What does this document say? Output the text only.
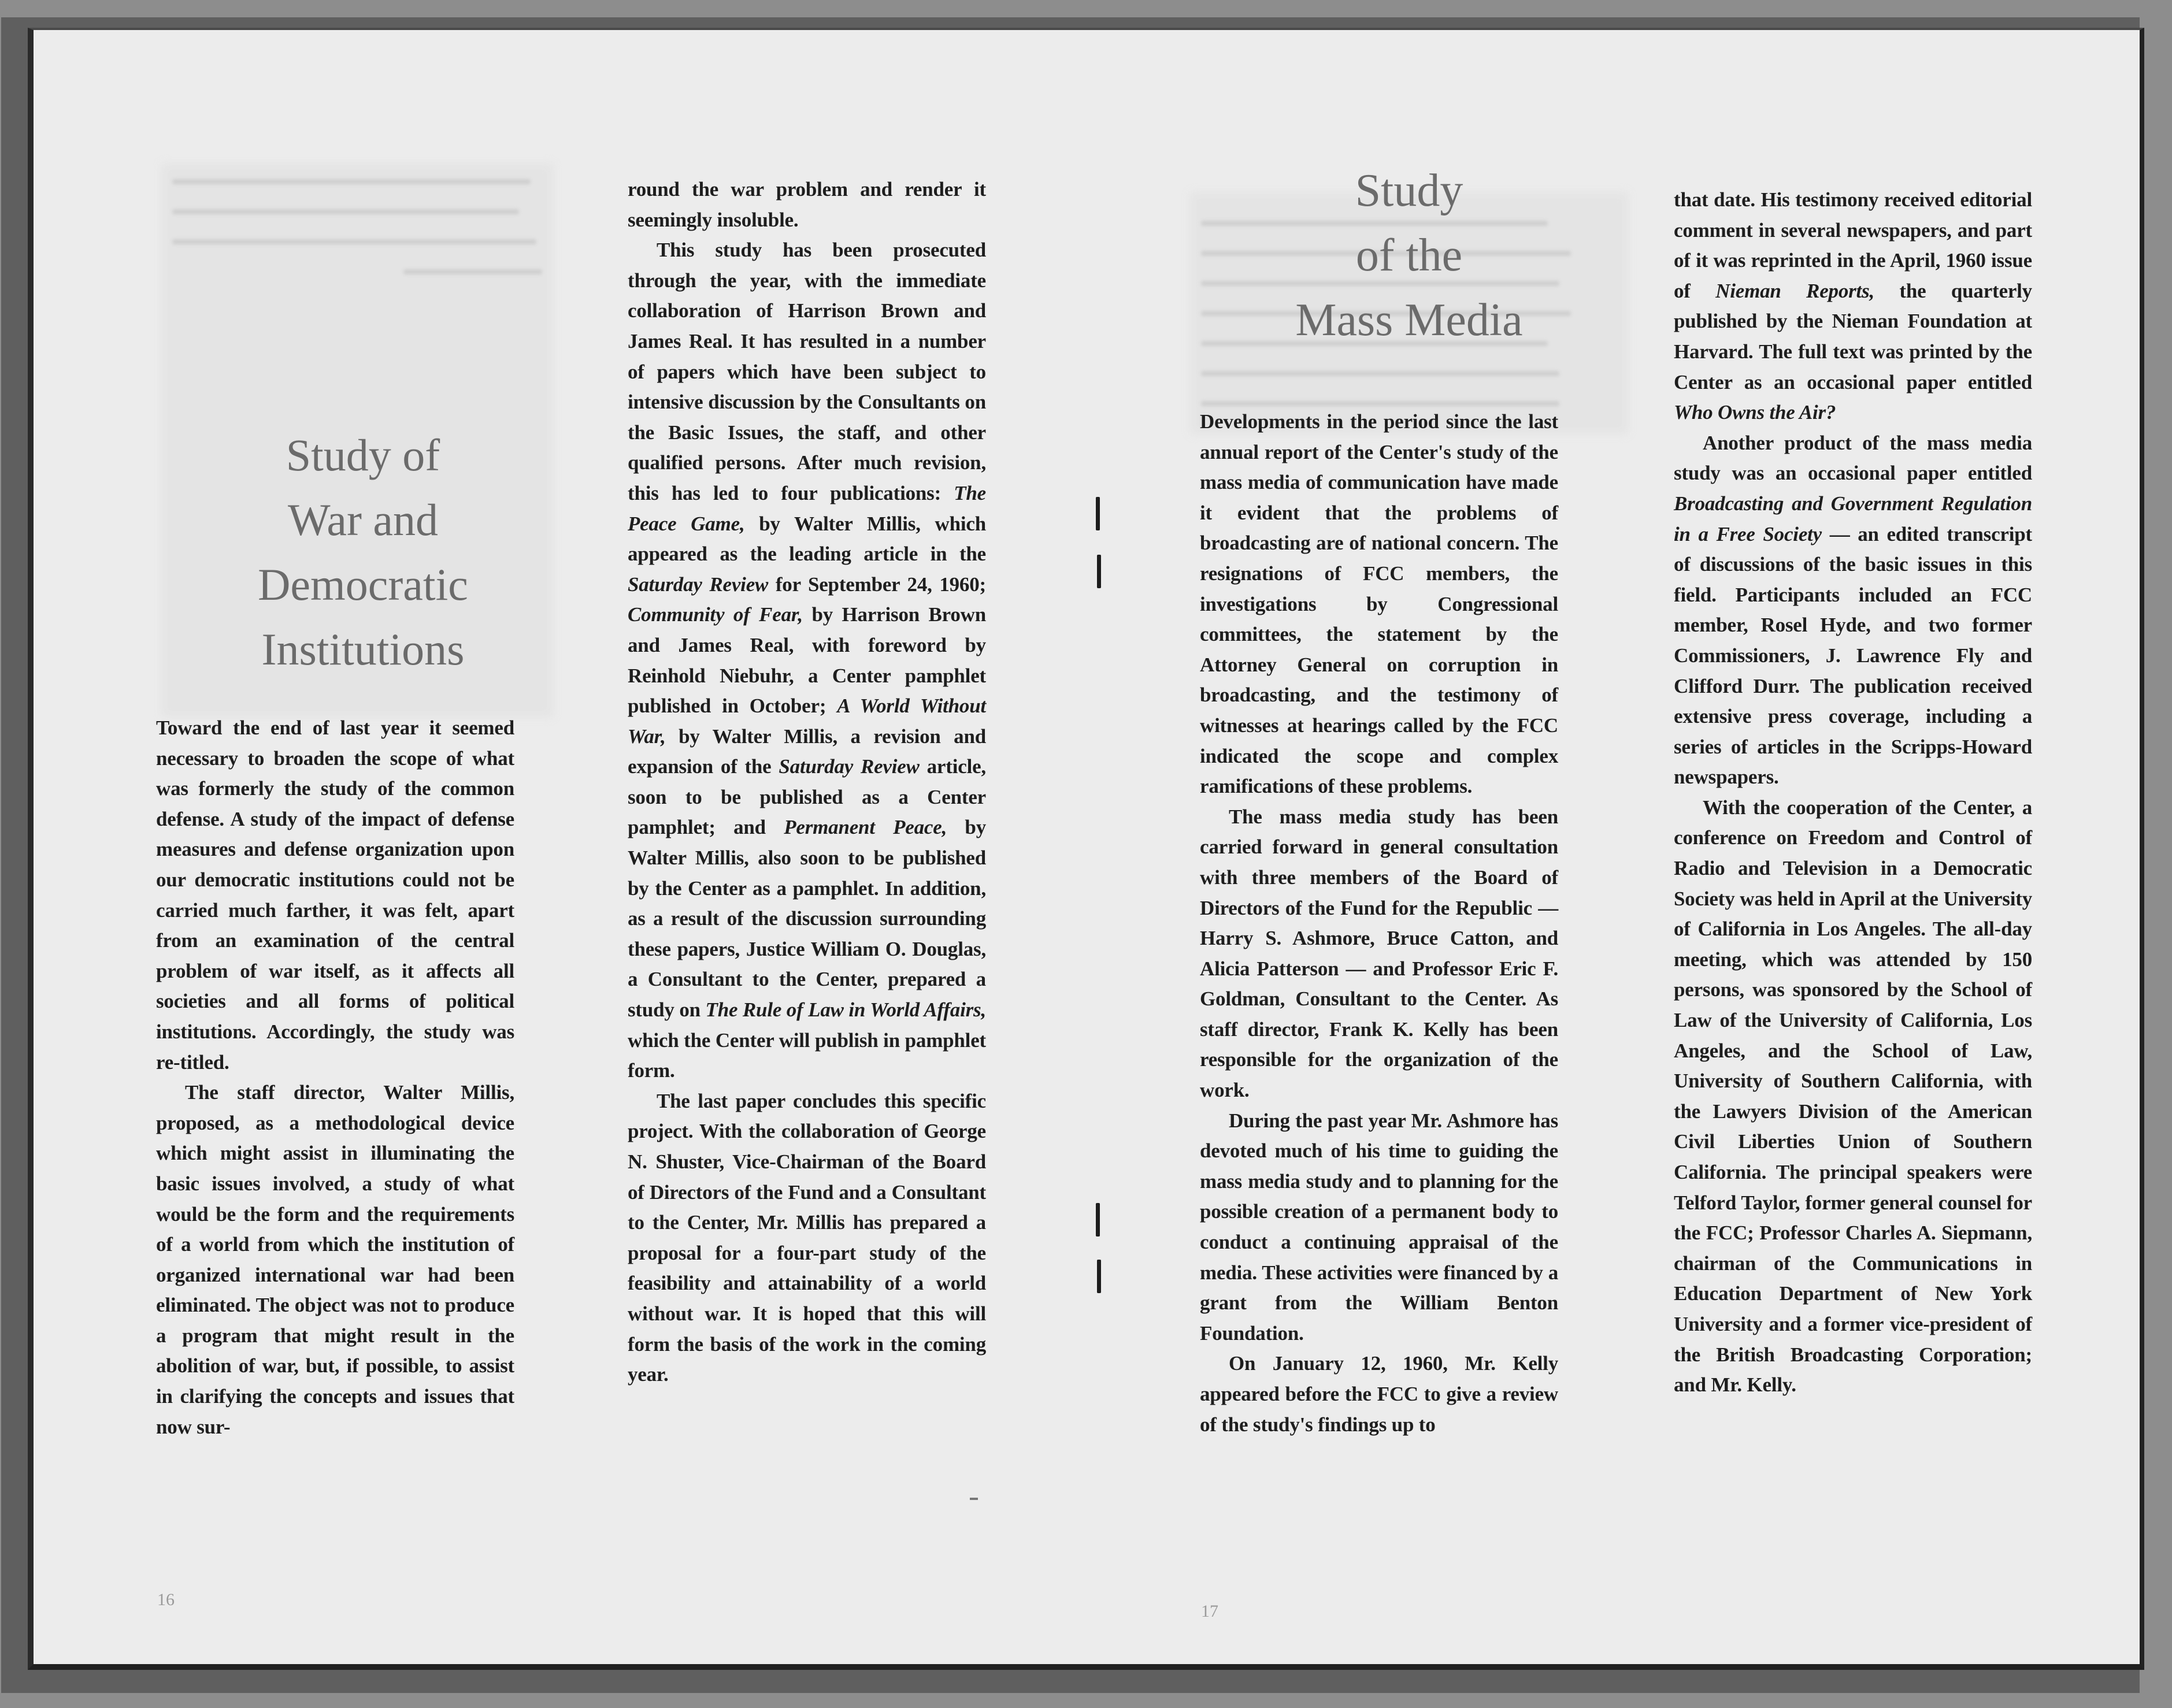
Study of
War and
Democratic
Institutions

Toward the end of last year it seemed necessary to broaden the scope of what was formerly the study of the common defense. A study of the impact of defense measures and defense organization upon our democratic institutions could not be carried much farther, it was felt, apart from an examination of the central problem of war itself, as it affects all societies and all forms of political institutions. Accordingly, the study was re-titled.

The staff director, Walter Millis, proposed, as a methodological device which might assist in illuminating the basic issues involved, a study of what would be the form and the requirements of a world from which the institution of organized international war had been eliminated. The object was not to produce a program that might result in the abolition of war, but, if possible, to assist in clarifying the concepts and issues that now sur-

round the war problem and render it seemingly insoluble.

This study has been prosecuted through the year, with the immediate collaboration of Harrison Brown and James Real. It has resulted in a number of papers which have been subject to intensive discussion by the Consultants on the Basic Issues, the staff, and other qualified persons. After much revision, this has led to four publications: The Peace Game, by Walter Millis, which appeared as the leading article in the Saturday Review for September 24, 1960; Community of Fear, by Harrison Brown and James Real, with foreword by Reinhold Niebuhr, a Center pamphlet published in October; A World Without War, by Walter Millis, a revision and expansion of the Saturday Review article, soon to be published as a Center pamphlet; and Permanent Peace, by Walter Millis, also soon to be published by the Center as a pamphlet. In addition, as a result of the discussion surrounding these papers, Justice William O. Douglas, a Consultant to the Center, prepared a study on The Rule of Law in World Affairs, which the Center will publish in pamphlet form.

The last paper concludes this specific project. With the collaboration of George N. Shuster, Vice-Chairman of the Board of Directors of the Fund and a Consultant to the Center, Mr. Millis has prepared a proposal for a four-part study of the feasibility and attainability of a world without war. It is hoped that this will form the basis of the work in the coming year.

16
Study
of the
Mass Media

Developments in the period since the last annual report of the Center's study of the mass media of communication have made it evident that the problems of broadcasting are of national concern. The resignations of FCC members, the investigations by Congressional committees, the statement by the Attorney General on corruption in broadcasting, and the testimony of witnesses at hearings called by the FCC indicated the scope and complex ramifications of these problems.

The mass media study has been carried forward in general consultation with three members of the Board of Directors of the Fund for the Republic — Harry S. Ashmore, Bruce Catton, and Alicia Patterson — and Professor Eric F. Goldman, Consultant to the Center. As staff director, Frank K. Kelly has been responsible for the organization of the work.

During the past year Mr. Ashmore has devoted much of his time to guiding the mass media study and to planning for the possible creation of a permanent body to conduct a continuing appraisal of the media. These activities were financed by a grant from the William Benton Foundation.

On January 12, 1960, Mr. Kelly appeared before the FCC to give a review of the study's findings up to

17

that date. His testimony received editorial comment in several newspapers, and part of it was reprinted in the April, 1960 issue of Nieman Reports, the quarterly published by the Nieman Foundation at Harvard. The full text was printed by the Center as an occasional paper entitled Who Owns the Air?

Another product of the mass media study was an occasional paper entitled Broadcasting and Government Regulation in a Free Society — an edited transcript of discussions of the basic issues in this field. Participants included an FCC member, Rosel Hyde, and two former Commissioners, J. Lawrence Fly and Clifford Durr. The publication received extensive press coverage, including a series of articles in the Scripps-Howard newspapers.

With the cooperation of the Center, a conference on Freedom and Control of Radio and Television in a Democratic Society was held in April at the University of California in Los Angeles. The all-day meeting, which was attended by 150 persons, was sponsored by the School of Law of the University of California, Los Angeles, and the School of Law, University of Southern California, with the Lawyers Division of the American Civil Liberties Union of Southern California. The principal speakers were Telford Taylor, former general counsel for the FCC; Professor Charles A. Siepmann, chairman of the Communications in Education Department of New York University and a former vice-president of the British Broadcasting Corporation; and Mr. Kelly.
